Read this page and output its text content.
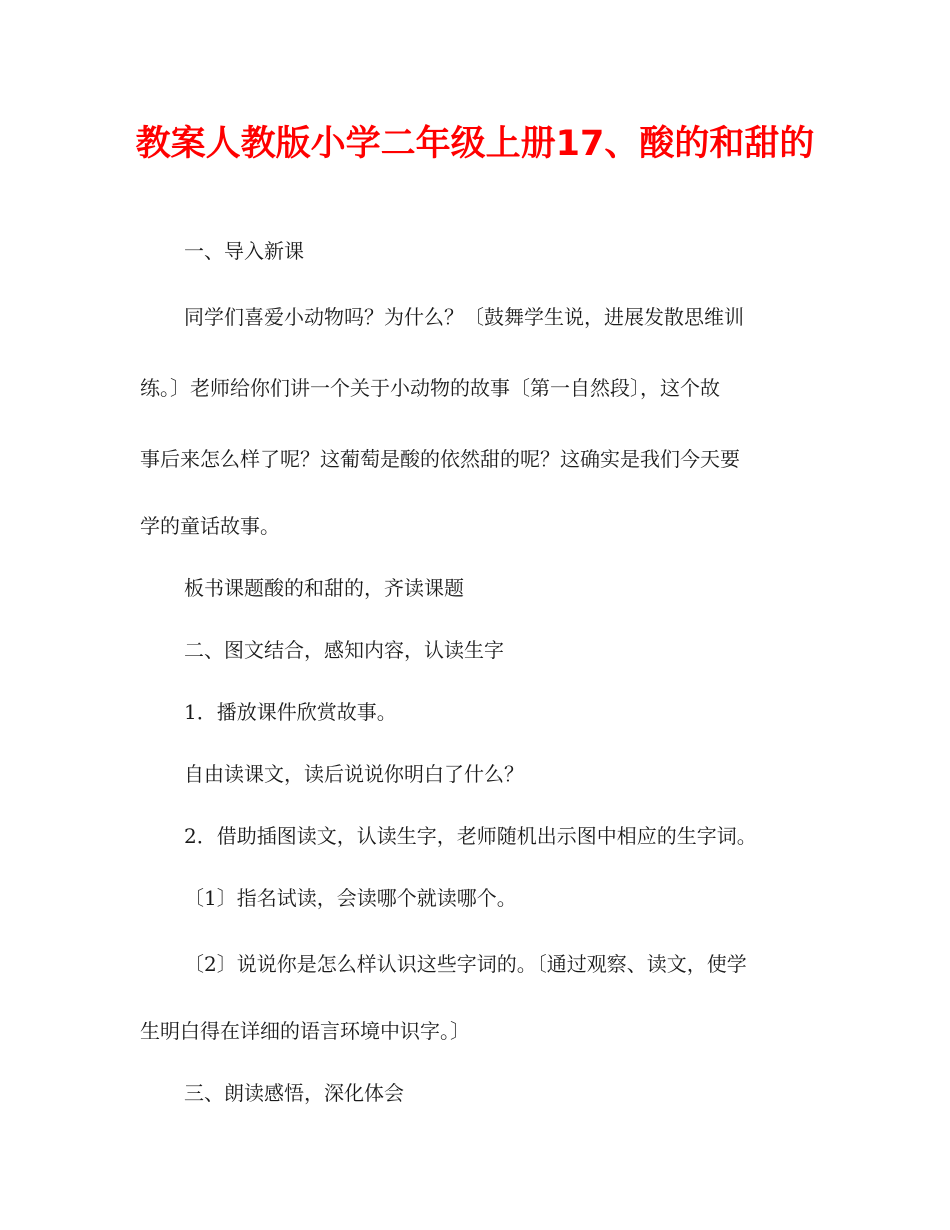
教案人教版小学二年级上册17、酸的和甜的

一、导入新课

同学们喜爱小动物吗？为什么？〔鼓舞学生说，进展发散思维训

练。〕老师给你们讲一个关于小动物的故事〔第一自然段〕，这个故

事后来怎么样了呢？这葡萄是酸的依然甜的呢？这确实是我们今天要

学的童话故事。

板书课题酸的和甜的，齐读课题

二、图文结合，感知内容，认读生字

1．播放课件欣赏故事。

自由读课文，读后说说你明白了什么？

2．借助插图读文，认读生字，老师随机出示图中相应的生字词。

〔1〕指名试读，会读哪个就读哪个。

〔2〕说说你是怎么样认识这些字词的。〔通过观察、读文，使学

生明白得在详细的语言环境中识字。〕

三、朗读感悟，深化体会
